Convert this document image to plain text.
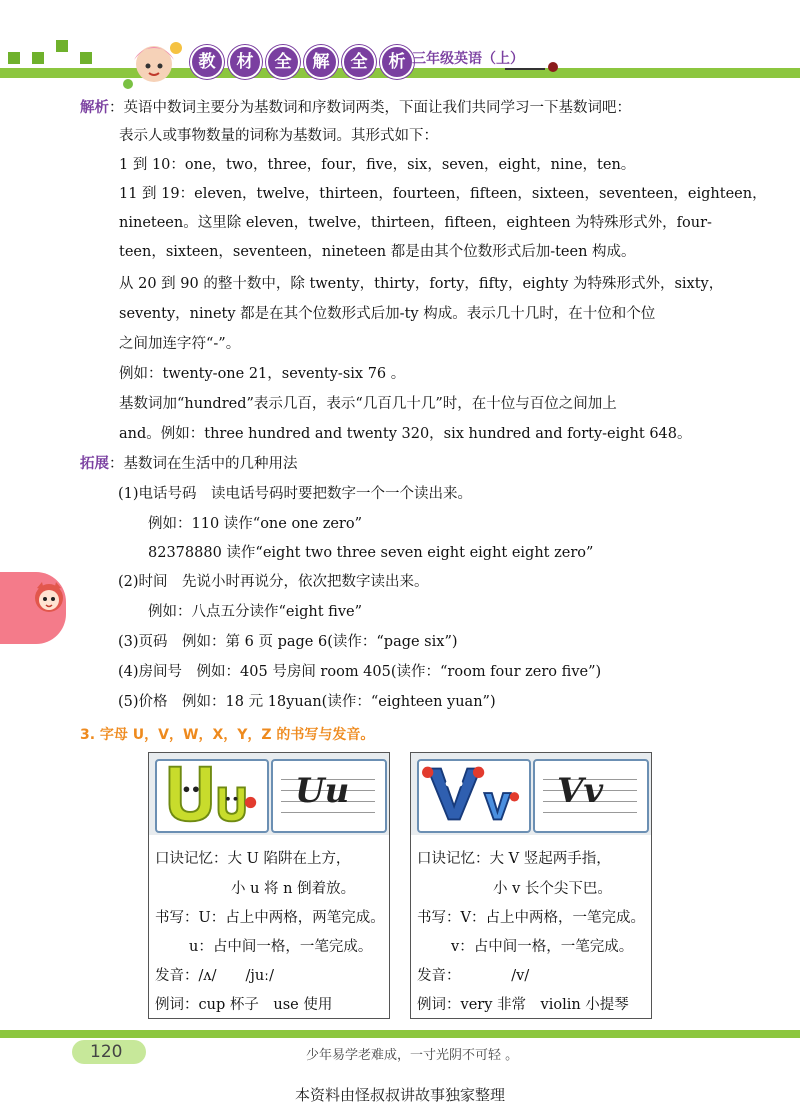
教	材	全	解	全	析 三年级英语（上）
解析：英语中数词主要分为基数词和序数词两类，下面让我们共同学习一下基数词吧：
表示人或事物数量的词称为基数词。其形式如下：
1 到 10：one，two，three，four，five，six，seven，eight，nine，ten。
11 到 19：eleven，twelve，thirteen，fourteen，fifteen，sixteen，seventeen，eighteen，
nineteen。这里除 eleven，twelve，thirteen，fifteen，eighteen 为特殊形式外，four-
teen，sixteen，seventeen，nineteen 都是由其个位数形式后加-teen 构成。
从 20 到 90 的整十数中，除 twenty，thirty，forty，fifty，eighty 为特殊形式外，sixty，
seventy，ninety 都是在其个位数形式后加-ty 构成。表示几十几时，在十位和个位
之间加连字符“-”。
例如：twenty-one 21，seventy-six 76 。
基数词加“hundred”表示几百，表示“几百几十几”时，在十位与百位之间加上
and。例如：three hundred and twenty 320，six hundred and forty-eight 648。
拓展：基数词在生活中的几种用法
(1)电话号码　读电话号码时要把数字一个一个读出来。
例如：110 读作“one one zero”
82378880 读作“eight two three seven eight eight eight zero”
(2)时间　先说小时再说分，依次把数字读出来。
例如：八点五分读作“eight five”
(3)页码　例如：第 6 页 page 6(读作：“page six”)
(4)房间号　例如：405 号房间 room 405(读作：“room four zero five”)
(5)价格　例如：18 元 18yuan(读作：“eighteen yuan”)
3. 字母 U，V，W，X，Y，Z 的书写与发音。
Uu
口诀记忆：大 U 陷阱在上方，
小 u 将 n 倒着放。
书写：U：占上中两格，两笔完成。
u：占中间一格，一笔完成。
发音：/ʌ/　　/juː/
例词：cup 杯子　use 使用
Vv
口诀记忆：大 V 竖起两手指，
小 v 长个尖下巴。
书写：V：占上中两格，一笔完成。
v：占中间一格，一笔完成。
发音：　　　　/v/
例词：very 非常　violin 小提琴
120	少年易学老难成，一寸光阴不可轻 。
本资料由怪叔叔讲故事独家整理
